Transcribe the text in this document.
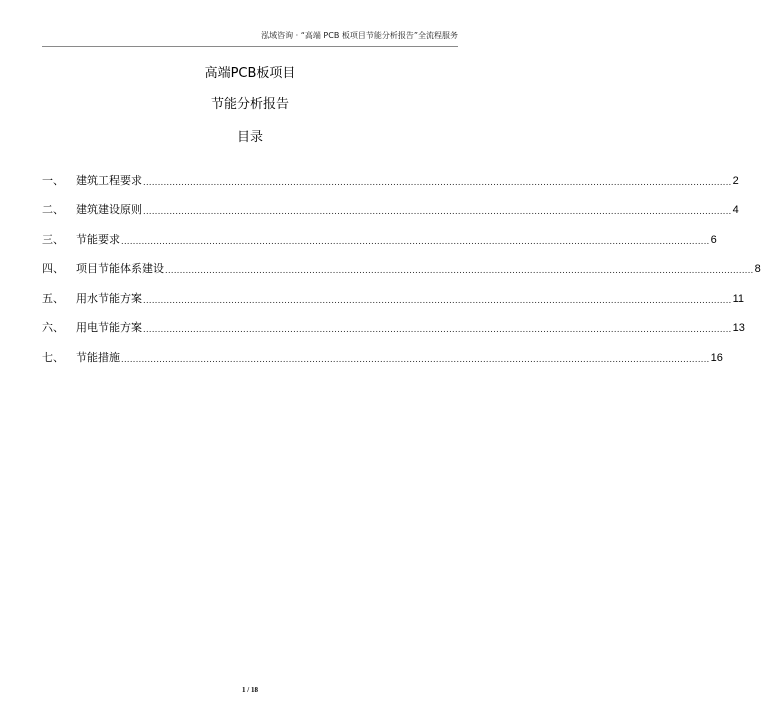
泓域咨询 · “高端 PCB 板项目节能分析报告”全流程服务
高端PCB板项目
节能分析报告
目录
一、	建筑工程要求 ........................................................................................................................................................................................................ 2
二、	建筑建设原则 ........................................................................................................................................................................................................ 4
三、	节能要求 ........................................................................................................................................................................................................ 6
四、	项目节能体系建设 ........................................................................................................................................................................................................ 8
五、	用水节能方案 ........................................................................................................................................................................................................ 11
六、	用电节能方案 ........................................................................................................................................................................................................ 13
七、	节能措施 ........................................................................................................................................................................................................ 16
1 / 18
